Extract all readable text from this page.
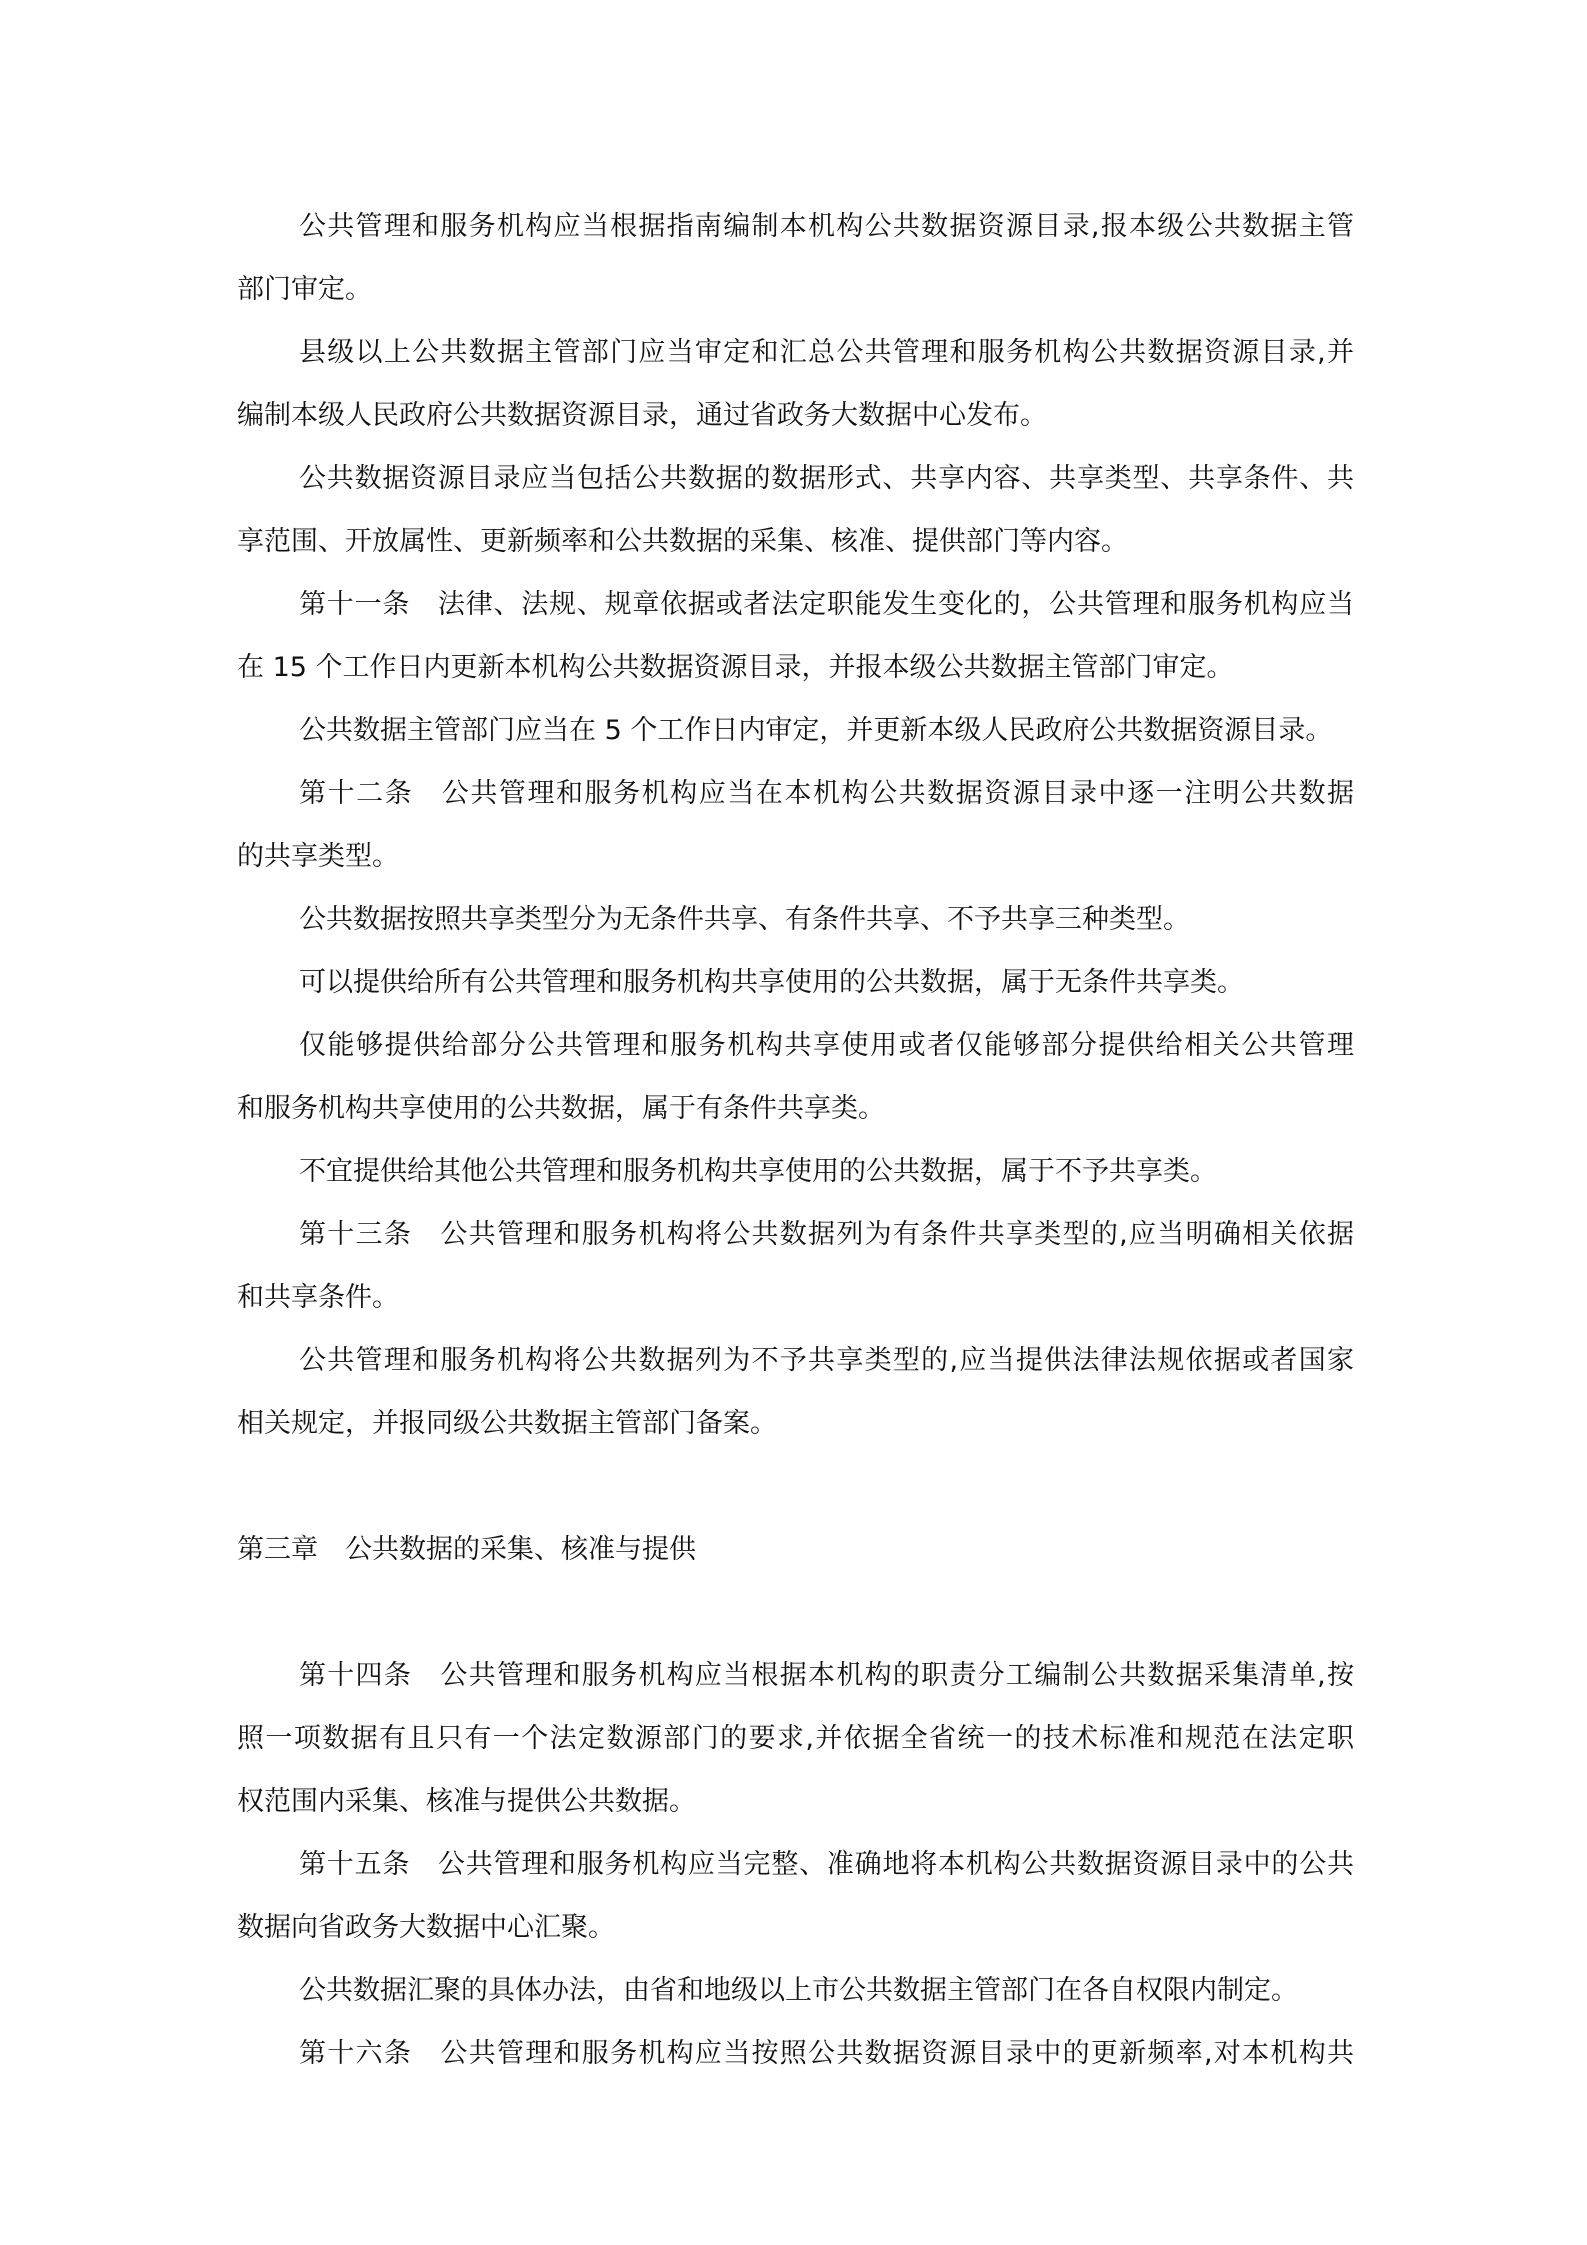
公共管理和服务机构应当根据指南编制本机构公共数据资源目录,报本级公共数据主管
部门审定。
县级以上公共数据主管部门应当审定和汇总公共管理和服务机构公共数据资源目录,并
编制本级人民政府公共数据资源目录，通过省政务大数据中心发布。
公共数据资源目录应当包括公共数据的数据形式、共享内容、共享类型、共享条件、共
享范围、开放属性、更新频率和公共数据的采集、核准、提供部门等内容。
第十一条　法律、法规、规章依据或者法定职能发生变化的，公共管理和服务机构应当
在 15 个工作日内更新本机构公共数据资源目录，并报本级公共数据主管部门审定。
公共数据主管部门应当在 5 个工作日内审定，并更新本级人民政府公共数据资源目录。
第十二条　公共管理和服务机构应当在本机构公共数据资源目录中逐一注明公共数据
的共享类型。
公共数据按照共享类型分为无条件共享、有条件共享、不予共享三种类型。
可以提供给所有公共管理和服务机构共享使用的公共数据，属于无条件共享类。
仅能够提供给部分公共管理和服务机构共享使用或者仅能够部分提供给相关公共管理
和服务机构共享使用的公共数据，属于有条件共享类。
不宜提供给其他公共管理和服务机构共享使用的公共数据，属于不予共享类。
第十三条　公共管理和服务机构将公共数据列为有条件共享类型的,应当明确相关依据
和共享条件。
公共管理和服务机构将公共数据列为不予共享类型的,应当提供法律法规依据或者国家
相关规定，并报同级公共数据主管部门备案。
第三章　公共数据的采集、核准与提供
第十四条　公共管理和服务机构应当根据本机构的职责分工编制公共数据采集清单,按
照一项数据有且只有一个法定数源部门的要求,并依据全省统一的技术标准和规范在法定职
权范围内采集、核准与提供公共数据。
第十五条　公共管理和服务机构应当完整、准确地将本机构公共数据资源目录中的公共
数据向省政务大数据中心汇聚。
公共数据汇聚的具体办法，由省和地级以上市公共数据主管部门在各自权限内制定。
第十六条　公共管理和服务机构应当按照公共数据资源目录中的更新频率,对本机构共
